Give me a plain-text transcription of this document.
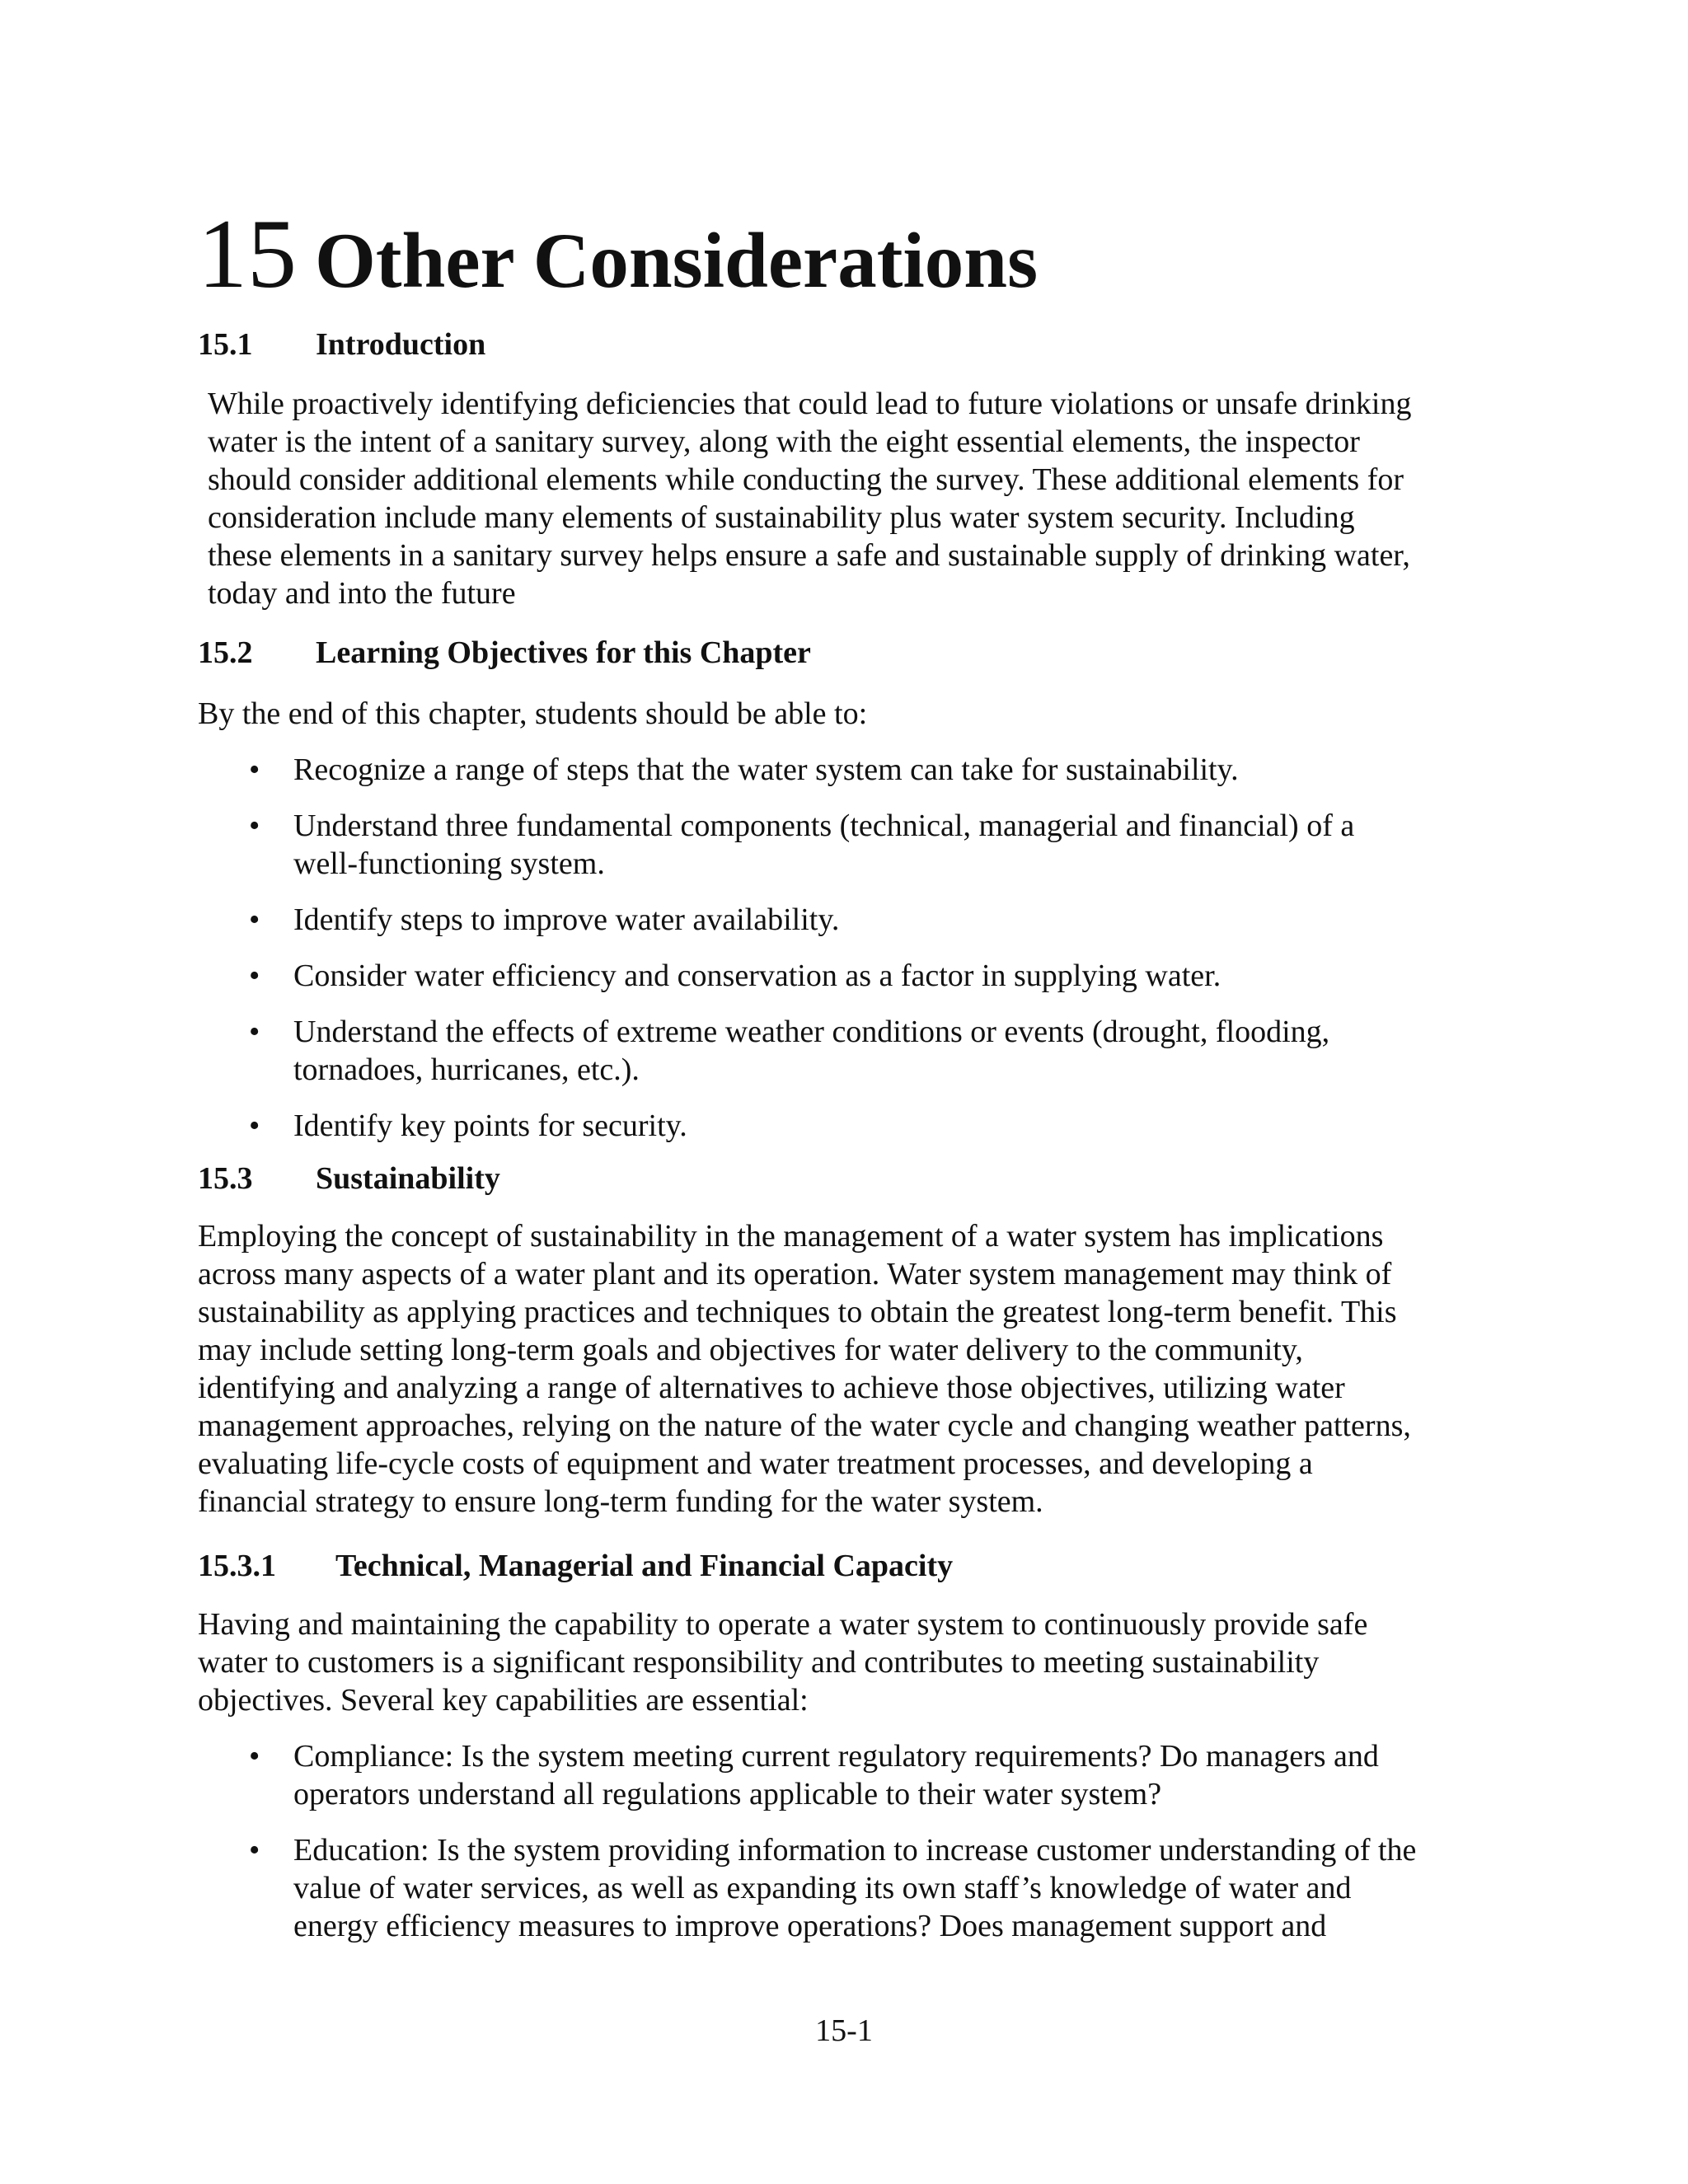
15 Other Considerations
15.1 Introduction
While proactively identifying deficiencies that could lead to future violations or unsafe drinking
water is the intent of a sanitary survey, along with the eight essential elements, the inspector
should consider additional elements while conducting the survey. These additional elements for
consideration include many elements of sustainability plus water system security. Including
these elements in a sanitary survey helps ensure a safe and sustainable supply of drinking water,
today and into the future
15.2 Learning Objectives for this Chapter
By the end of this chapter, students should be able to:
• Recognize a range of steps that the water system can take for sustainability.
• Understand three fundamental components (technical, managerial and financial) of a
well-functioning system.
• Identify steps to improve water availability.
• Consider water efficiency and conservation as a factor in supplying water.
• Understand the effects of extreme weather conditions or events (drought, flooding,
tornadoes, hurricanes, etc.).
• Identify key points for security.
15.3 Sustainability
Employing the concept of sustainability in the management of a water system has implications
across many aspects of a water plant and its operation. Water system management may think of
sustainability as applying practices and techniques to obtain the greatest long-term benefit. This
may include setting long-term goals and objectives for water delivery to the community,
identifying and analyzing a range of alternatives to achieve those objectives, utilizing water
management approaches, relying on the nature of the water cycle and changing weather patterns,
evaluating life-cycle costs of equipment and water treatment processes, and developing a
financial strategy to ensure long-term funding for the water system.
15.3.1 Technical, Managerial and Financial Capacity
Having and maintaining the capability to operate a water system to continuously provide safe
water to customers is a significant responsibility and contributes to meeting sustainability
objectives. Several key capabilities are essential:
• Compliance: Is the system meeting current regulatory requirements? Do managers and
operators understand all regulations applicable to their water system?
• Education: Is the system providing information to increase customer understanding of the
value of water services, as well as expanding its own staff’s knowledge of water and
energy efficiency measures to improve operations? Does management support and
15-1
